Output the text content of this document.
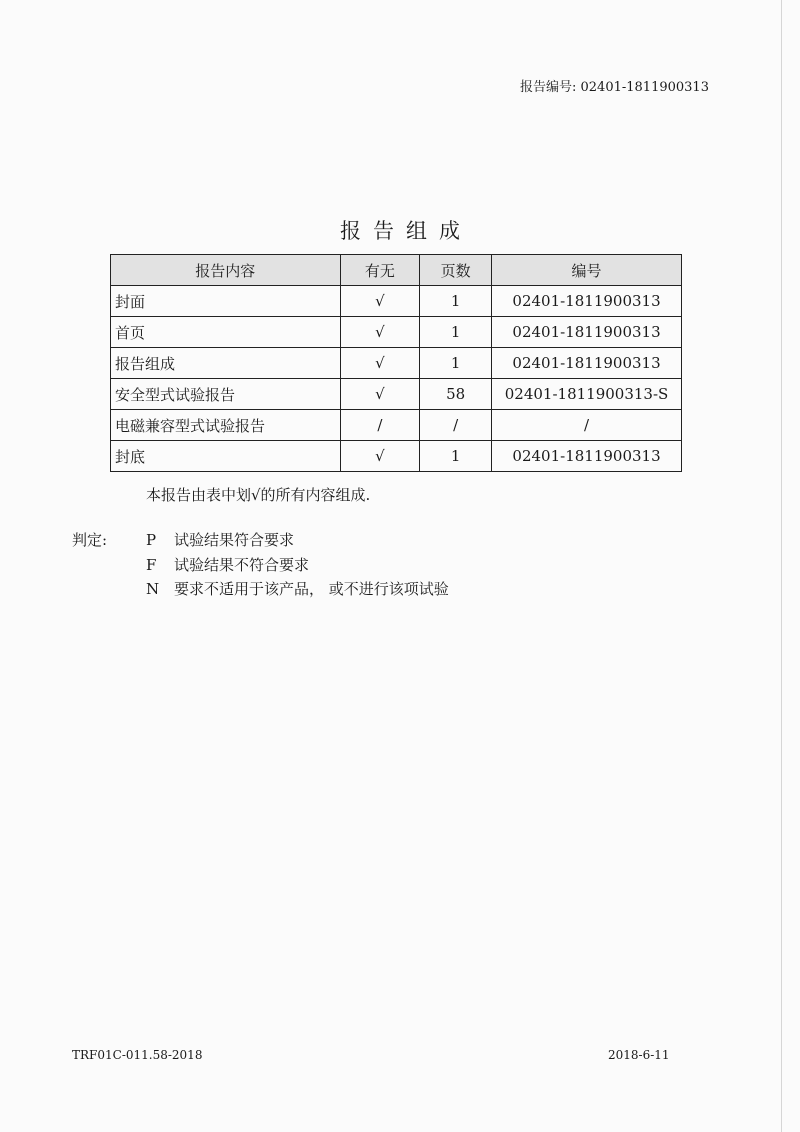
报告编号: 02401-1811900313
报告组成
报告内容	有无	页数	编号
封面	√	1	02401-1811900313
首页	√	1	02401-1811900313
报告组成	√	1	02401-1811900313
安全型式试验报告	√	58	02401-1811900313-S
电磁兼容型式试验报告	/	/	/
封底	√	1	02401-1811900313
本报告由表中划√的所有内容组成.
判定:	P 试验结果符合要求
F 试验结果不符合要求
N 要求不适用于该产品， 或不进行该项试验
TRF01C-011.58-2018	2018-6-11
